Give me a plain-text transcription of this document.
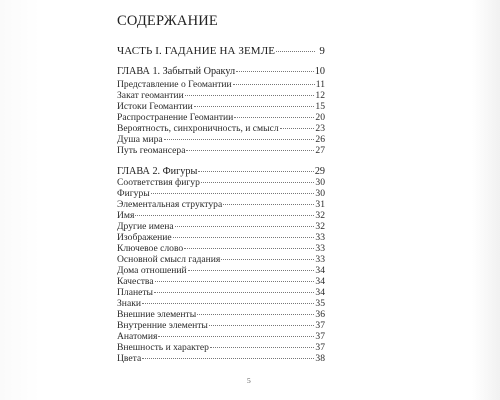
СОДЕРЖАНИЕ
ЧАСТЬ I. ГАДАНИЕ НА ЗЕМЛЕ	9
ГЛАВА 1. Забытый Оракул	10
Представление о Геомантии	11
Закат геомантии	12
Истоки Геомантии	15
Распространение Геомантии	20
Вероятность, синхроничность, и смысл	23
Душа мира	26
Путь геомансера	27
ГЛАВА 2. Фигуры	29
Соответствия фигур	30
Фигуры	30
Элементальная структура	31
Имя	32
Другие имена	32
Изображение	33
Ключевое слово	33
Основной смысл гадания	33
Дома отношений	34
Качества	34
Планеты	34
Знаки	35
Внешние элементы	36
Внутренние элементы	37
Анатомия	37
Внешность и характер	37
Цвета	38
5
